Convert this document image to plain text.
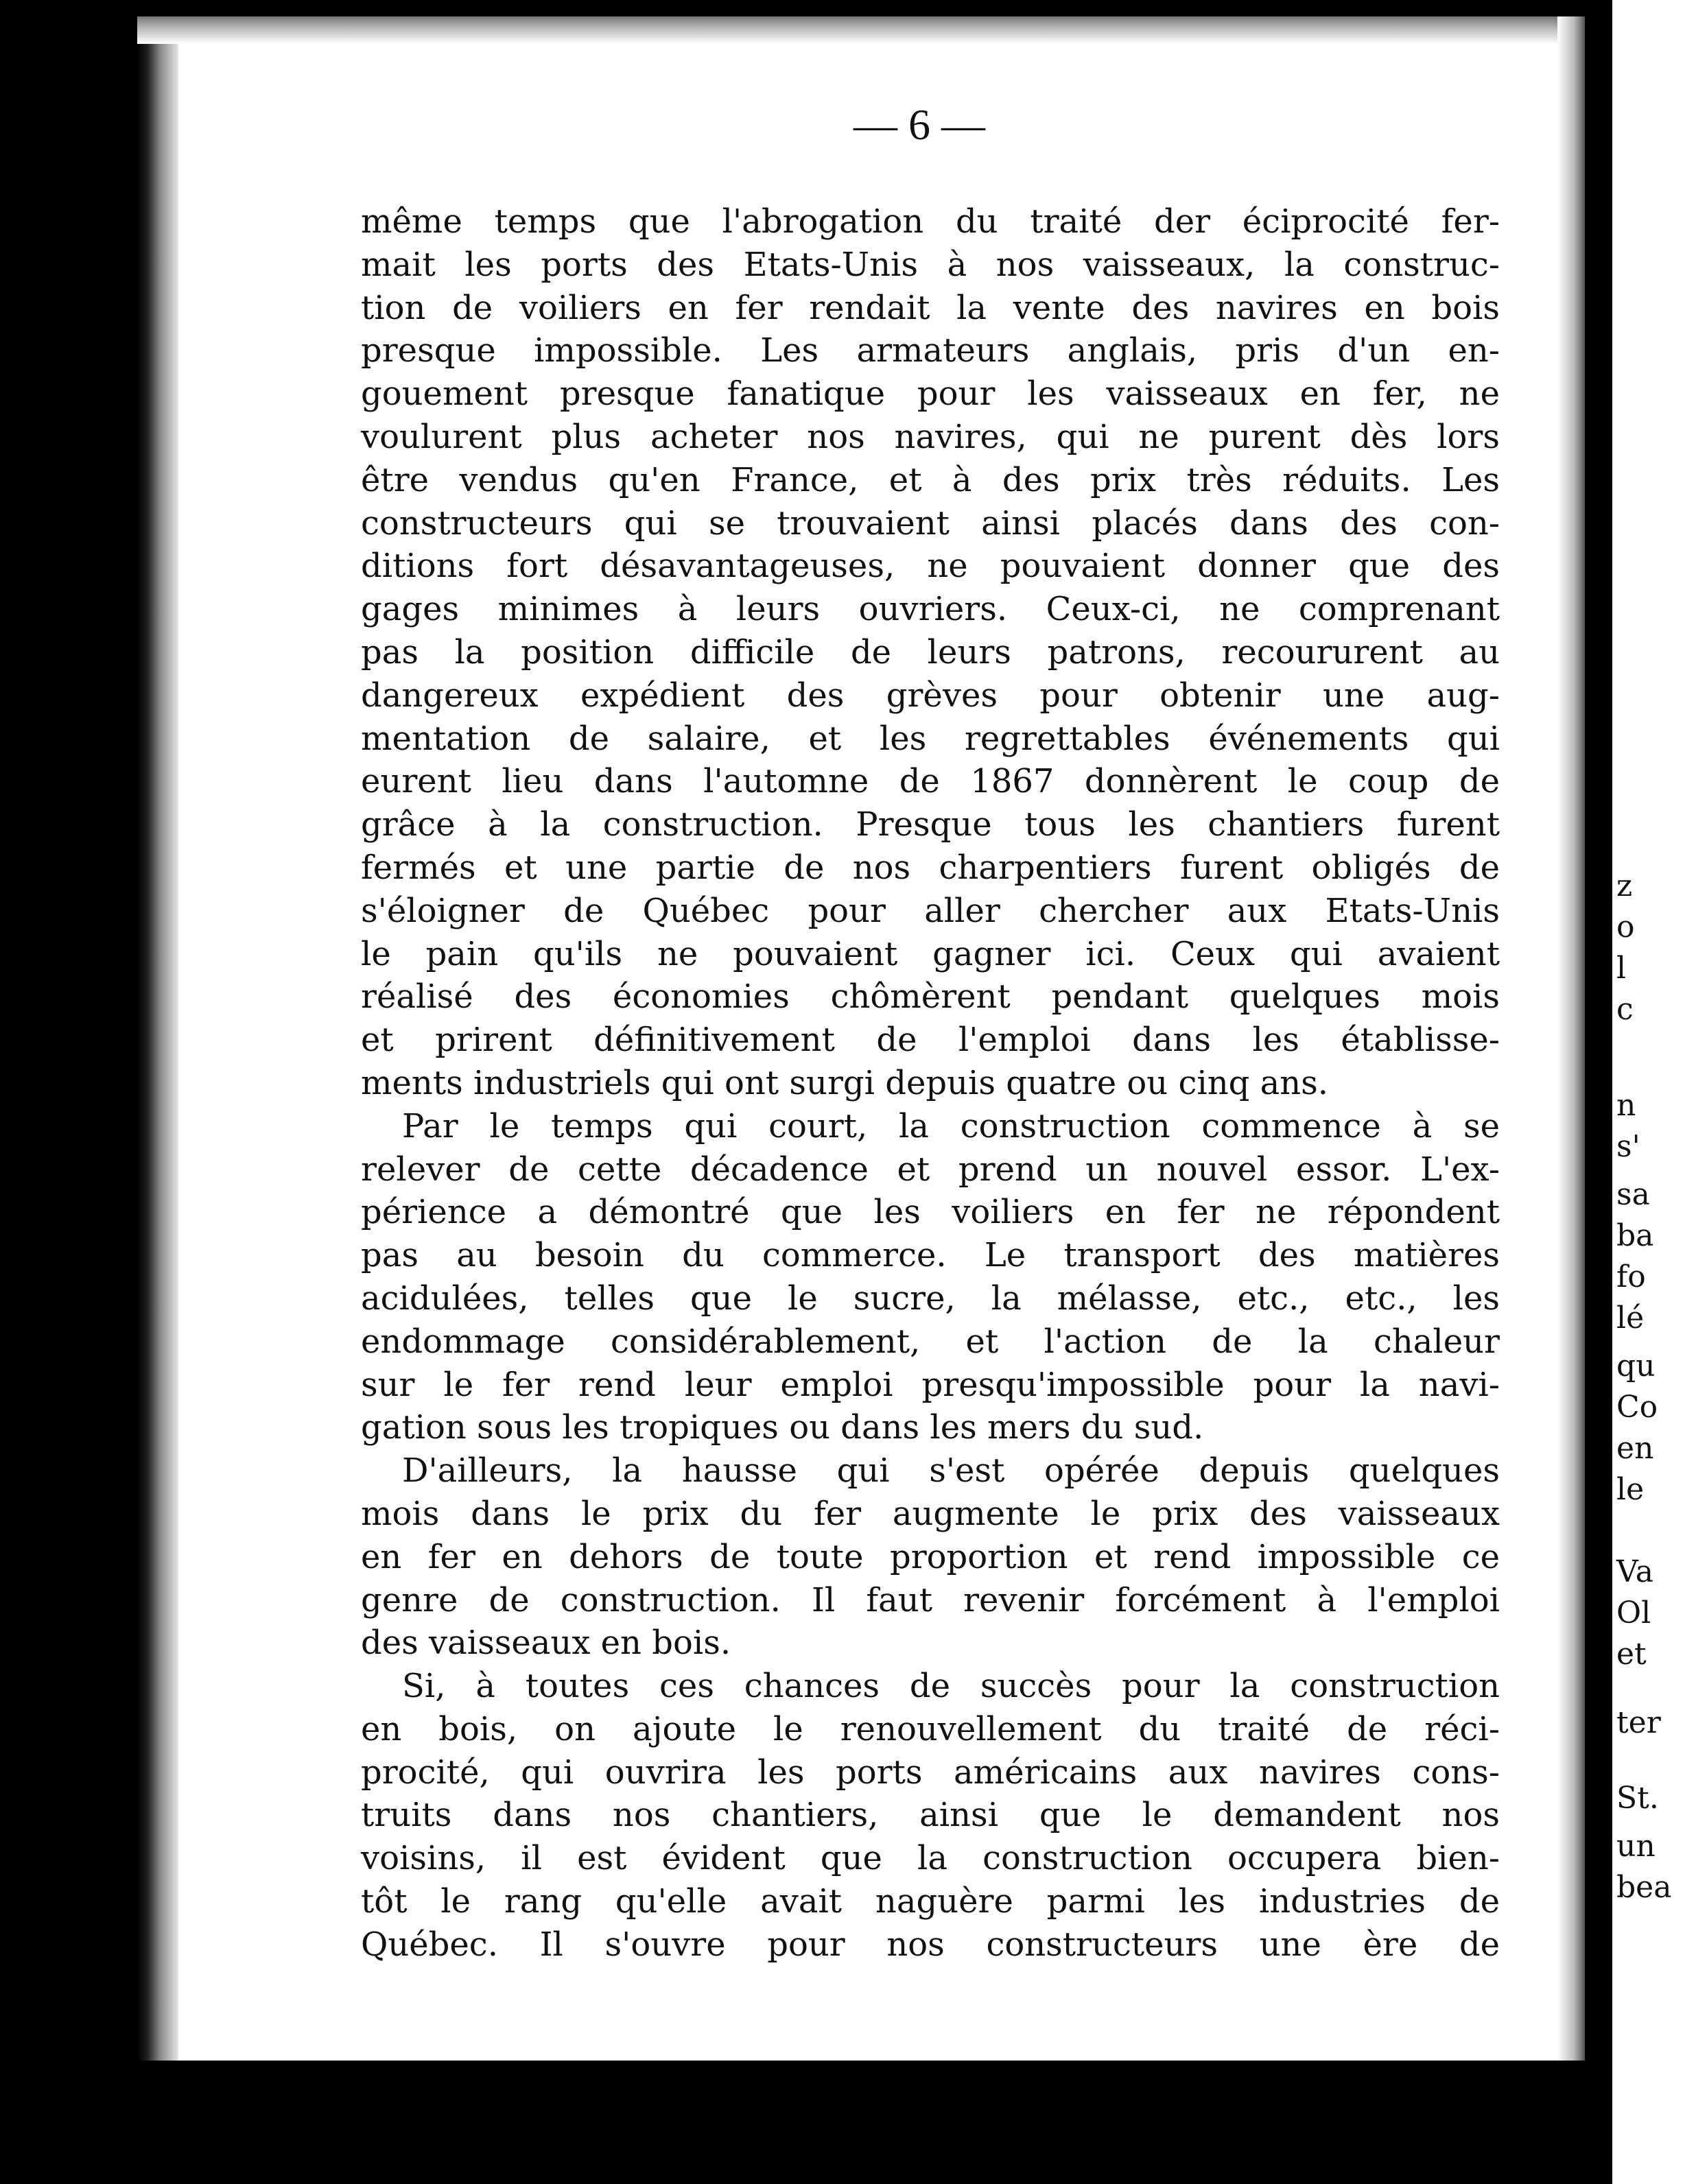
— 6 —

même temps que l'abrogation du traité der éciprocité fer-
mait les ports des Etats-Unis à nos vaisseaux, la construc-
tion de voiliers en fer rendait la vente des navires en bois
presque impossible. Les armateurs anglais, pris d'un en-
gouement presque fanatique pour les vaisseaux en fer, ne
voulurent plus acheter nos navires, qui ne purent dès lors
être vendus qu'en France, et à des prix très réduits. Les
constructeurs qui se trouvaient ainsi placés dans des con-
ditions fort désavantageuses, ne pouvaient donner que des
gages minimes à leurs ouvriers. Ceux-ci, ne comprenant
pas la position difficile de leurs patrons, recoururent au
dangereux expédient des grèves pour obtenir une aug-
mentation de salaire, et les regrettables événements qui
eurent lieu dans l'automne de 1867 donnèrent le coup de
grâce à la construction. Presque tous les chantiers furent
fermés et une partie de nos charpentiers furent obligés de
s'éloigner de Québec pour aller chercher aux Etats-Unis
le pain qu'ils ne pouvaient gagner ici. Ceux qui avaient
réalisé des économies chômèrent pendant quelques mois
et prirent définitivement de l'emploi dans les établisse-
ments industriels qui ont surgi depuis quatre ou cinq ans.

Par le temps qui court, la construction commence à se
relever de cette décadence et prend un nouvel essor. L'ex-
périence a démontré que les voiliers en fer ne répondent
pas au besoin du commerce. Le transport des matières
acidulées, telles que le sucre, la mélasse, etc., etc., les
endommage considérablement, et l'action de la chaleur
sur le fer rend leur emploi presqu'impossible pour la navi-
gation sous les tropiques ou dans les mers du sud.

D'ailleurs, la hausse qui s'est opérée depuis quelques
mois dans le prix du fer augmente le prix des vaisseaux
en fer en dehors de toute proportion et rend impossible ce
genre de construction. Il faut revenir forcément à l'emploi
des vaisseaux en bois.

Si, à toutes ces chances de succès pour la construction
en bois, on ajoute le renouvellement du traité de réci-
procité, qui ouvrira les ports américains aux navires cons-
truits dans nos chantiers, ainsi que le demandent nos
voisins, il est évident que la construction occupera bien-
tôt le rang qu'elle avait naguère parmi les industries de
Québec. Il s'ouvre pour nos constructeurs une ère de

z
o
l
c
n
s'
sa
ba
fo
lé
qu
Co
en
le
Va
Ol
et
ter
St.
un
bea
